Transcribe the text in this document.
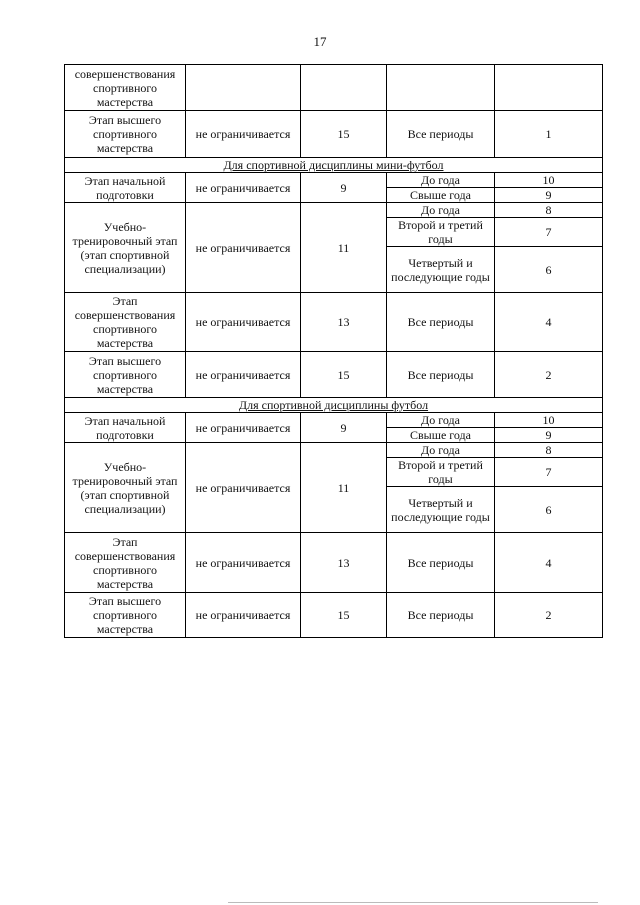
17
совершенствования спортивного мастерства				
Этап высшего спортивного мастерства	не ограничивается	15	Все периоды	1
Для спортивной дисциплины мини-футбол				
Этап начальной подготовки	не ограничивается	9	До года	10
			Свыше года	9
Учебно-тренировочный этап (этап спортивной специализации)	не ограничивается	11	До года	8
			Второй и третий годы	7
			Четвертый и последующие годы	6
Этап совершенствования спортивного мастерства	не ограничивается	13	Все периоды	4
Этап высшего спортивного мастерства	не ограничивается	15	Все периоды	2
Для спортивной дисциплины футбол				
Этап начальной подготовки	не ограничивается	9	До года	10
			Свыше года	9
Учебно-тренировочный этап (этап спортивной специализации)	не ограничивается	11	До года	8
			Второй и третий годы	7
			Четвертый и последующие годы	6
Этап совершенствования спортивного мастерства	не ограничивается	13	Все периоды	4
Этап высшего спортивного мастерства	не ограничивается	15	Все периоды	2
